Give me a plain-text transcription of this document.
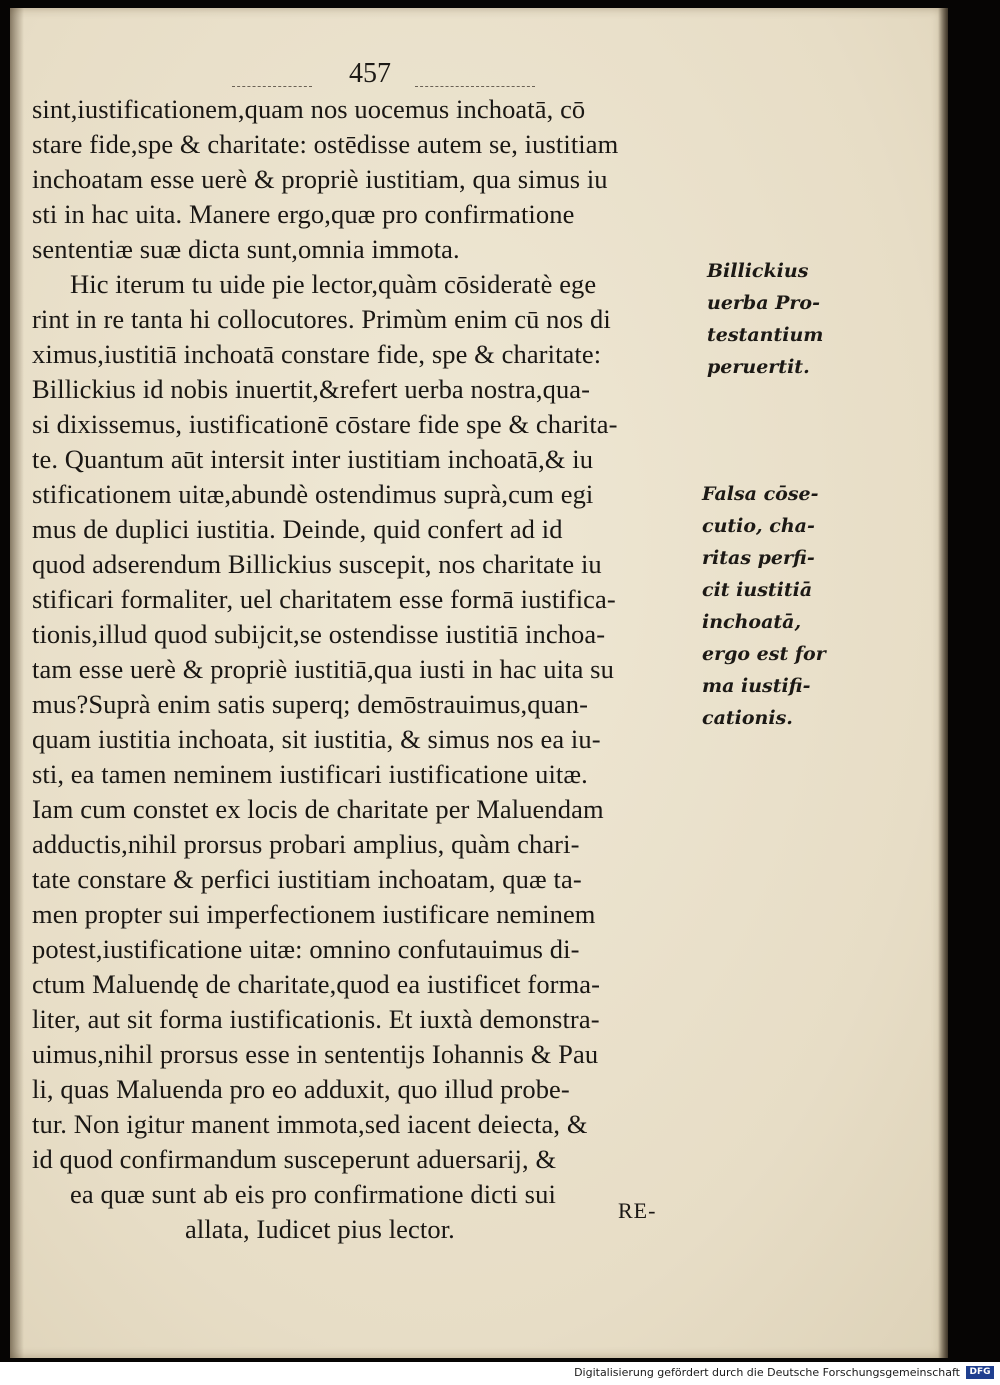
457
sint,iustificationem,quam nos uocemus inchoatā, cō
stare fide,spe & charitate: ostēdisse autem se, iustitiam
inchoatam esse uerè & propriè iustitiam, qua simus iu
sti in hac uita. Manere ergo,quæ pro confirmatione
sententiæ suæ dicta sunt,omnia immota.
Hic iterum tu uide pie lector,quàm cōsideratè ege
rint in re tanta hi collocutores. Primùm enim cū nos di
ximus,iustitiā inchoatā constare fide, spe & charitate:
Billickius id nobis inuertit,&refert uerba nostra,qua-
si dixissemus, iustificationē cōstare fide spe & charita-
te. Quantum aūt intersit inter iustitiam inchoatā,& iu
stificationem uitæ,abundè ostendimus suprà,cum egi
mus de duplici iustitia. Deinde, quid confert ad id
quod adserendum Billickius suscepit, nos charitate iu
stificari formaliter, uel charitatem esse formā iustifica-
tionis,illud quod subijcit,se ostendisse iustitiā inchoa-
tam esse uerè & propriè iustitiā,qua iusti in hac uita su
mus?Suprà enim satis superq; demōstrauimus,quan-
quam iustitia inchoata, sit iustitia, & simus nos ea iu-
sti, ea tamen neminem iustificari iustificatione uitæ.
Iam cum constet ex locis de charitate per Maluendam
adductis,nihil prorsus probari amplius, quàm chari-
tate constare & perfici iustitiam inchoatam, quæ ta-
men propter sui imperfectionem iustificare neminem
potest,iustificatione uitæ: omnino confutauimus di-
ctum Maluendę de charitate,quod ea iustificet forma-
liter, aut sit forma iustificationis. Et iuxtà demonstra-
uimus,nihil prorsus esse in sententijs Iohannis & Pau
li, quas Maluenda pro eo adduxit, quo illud probe-
tur. Non igitur manent immota,sed iacent deiecta, &
id quod confirmandum susceperunt aduersarij, &
ea quæ sunt ab eis pro confirmatione dicti sui
allata, Iudicet pius lector.
Billickius
uerba Pro-
testantium
peruertit.
Falsa cōse-
cutio, cha-
ritas perfi-
cit iustitiā
inchoatā,
ergo est for
ma iustifi-
cationis.
RE-
Digitalisierung gefördert durch die Deutsche Forschungsgemeinschaft	DFG
